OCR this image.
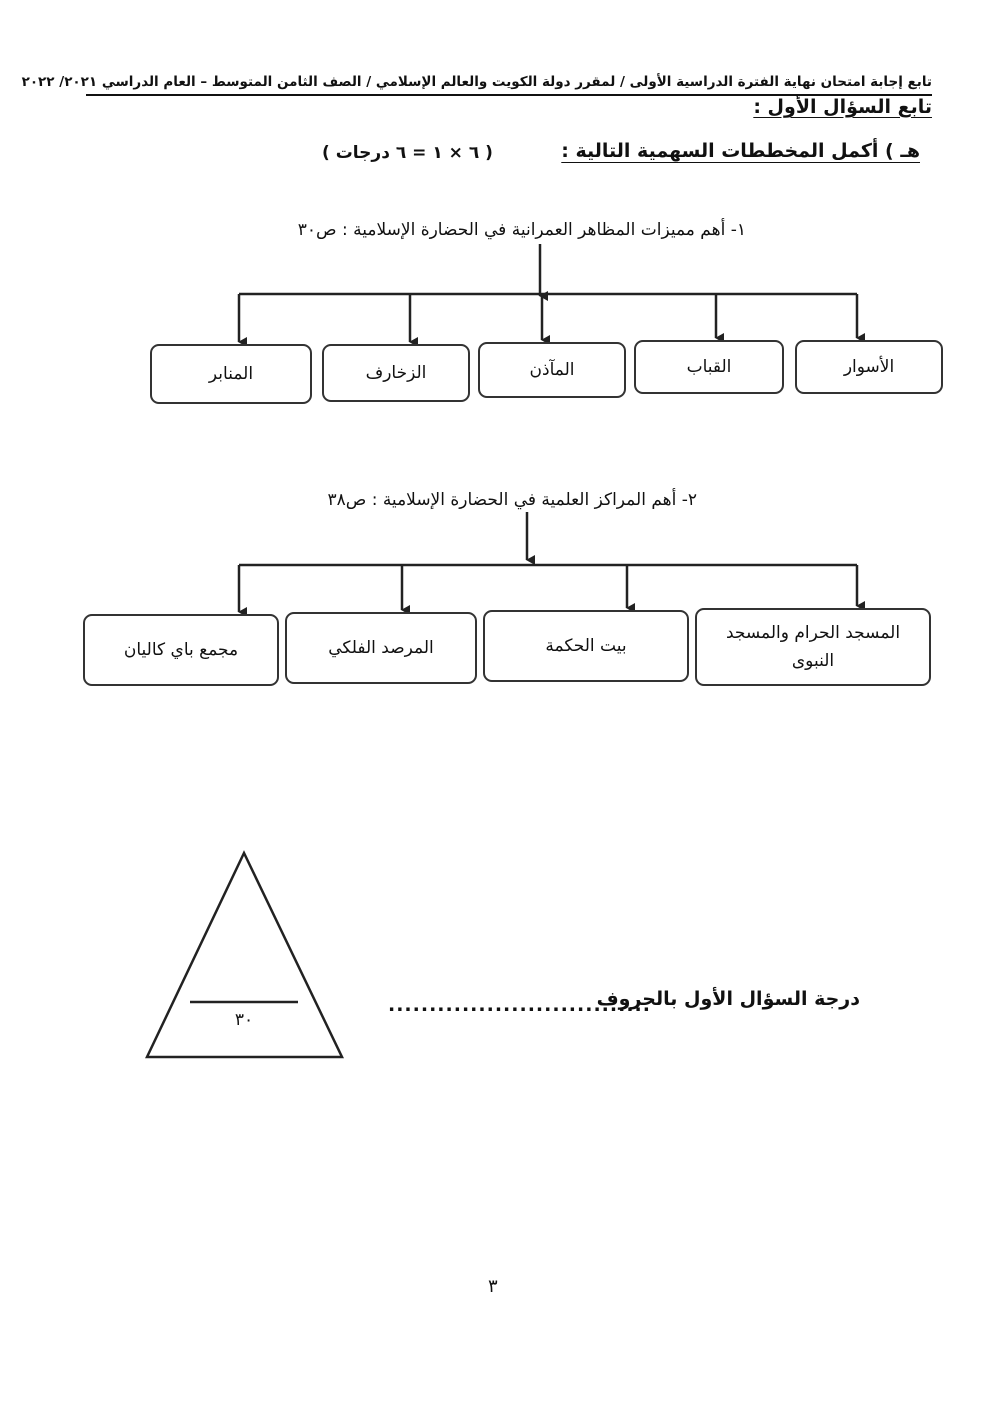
تابع إجابة امتحان نهاية الفترة الدراسية الأولى / لمقرر دولة الكويت والعالم الإسلامي / الصف الثامن المتوسط – العام الدراسي ٢٠٢١/ ٢٠٢٢
تابع السؤال الأول :
هـ ) أكمل المخططات السهمية التالية :
( ٦ × ١ = ٦ درجات )
١- أهم مميزات المظاهر العمرانية في الحضارة الإسلامية : ص٣٠
الأسوار
القباب
المآذن
الزخارف
المنابر
٢- أهم المراكز العلمية في الحضارة الإسلامية : ص٣٨
المسجد الحرام والمسجد النبوى
بيت الحكمة
المرصد الفلكي
مجمع باي كاليان
٣٠
درجة السؤال الأول بالحروف
................................
٣
